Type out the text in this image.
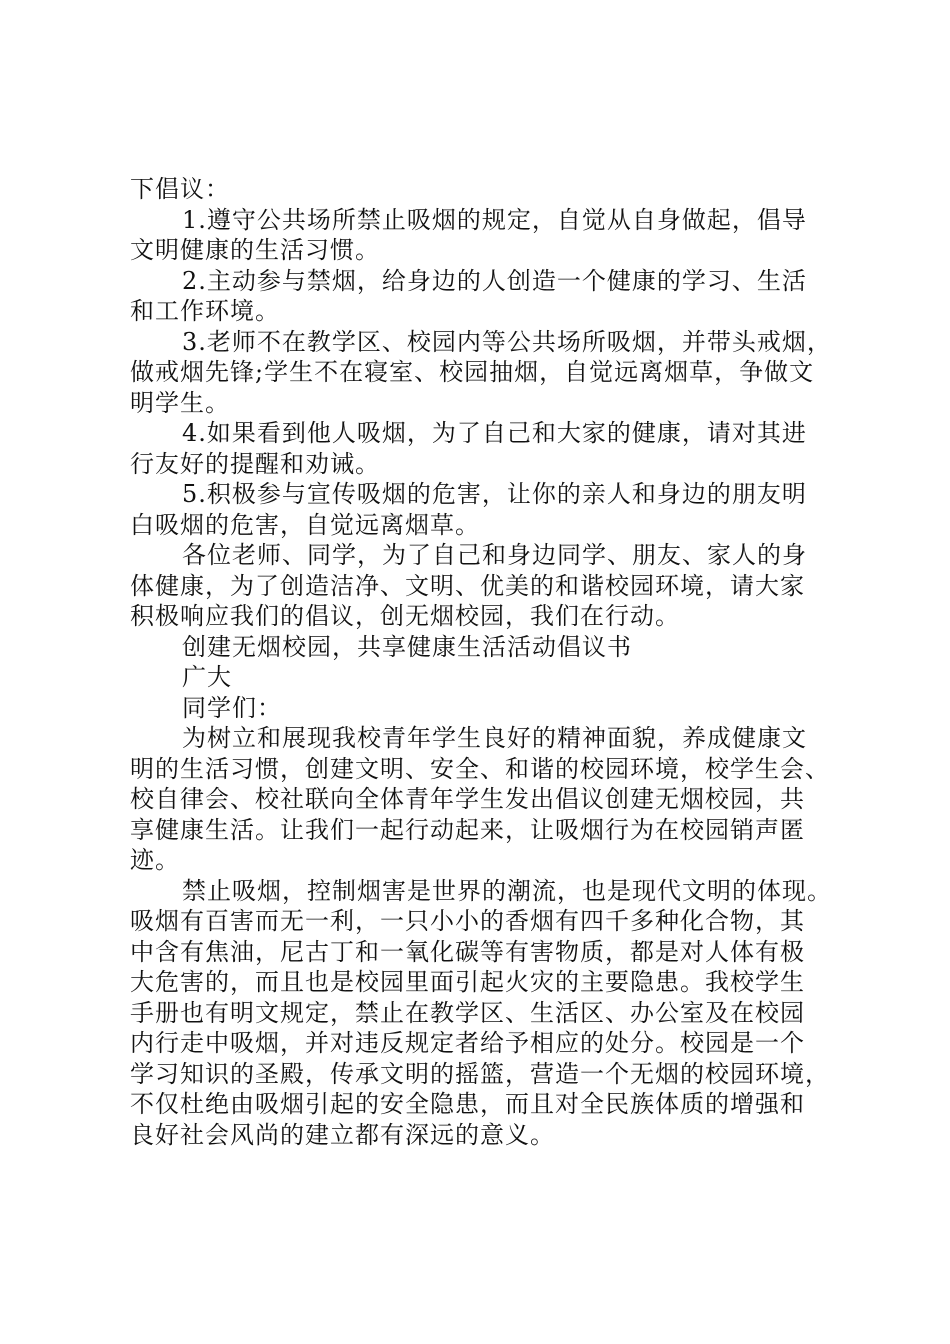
下倡议：
1.遵守公共场所禁止吸烟的规定，自觉从自身做起，倡导
文明健康的生活习惯。
2.主动参与禁烟，给身边的人创造一个健康的学习、生活
和工作环境。
3.老师不在教学区、校园内等公共场所吸烟，并带头戒烟，
做戒烟先锋;学生不在寝室、校园抽烟，自觉远离烟草，争做文
明学生。
4.如果看到他人吸烟，为了自己和大家的健康，请对其进
行友好的提醒和劝诫。
5.积极参与宣传吸烟的危害，让你的亲人和身边的朋友明
白吸烟的危害，自觉远离烟草。
各位老师、同学，为了自己和身边同学、朋友、家人的身
体健康，为了创造洁净、文明、优美的和谐校园环境，请大家
积极响应我们的倡议，创无烟校园，我们在行动。
创建无烟校园，共享健康生活活动倡议书
广大
同学们：
为树立和展现我校青年学生良好的精神面貌，养成健康文
明的生活习惯，创建文明、安全、和谐的校园环境，校学生会、
校自律会、校社联向全体青年学生发出倡议创建无烟校园，共
享健康生活。让我们一起行动起来，让吸烟行为在校园销声匿
迹。
禁止吸烟，控制烟害是世界的潮流，也是现代文明的体现。
吸烟有百害而无一利，一只小小的香烟有四千多种化合物，其
中含有焦油，尼古丁和一氧化碳等有害物质，都是对人体有极
大危害的，而且也是校园里面引起火灾的主要隐患。我校学生
手册也有明文规定，禁止在教学区、生活区、办公室及在校园
内行走中吸烟，并对违反规定者给予相应的处分。校园是一个
学习知识的圣殿，传承文明的摇篮，营造一个无烟的校园环境，
不仅杜绝由吸烟引起的安全隐患，而且对全民族体质的增强和
良好社会风尚的建立都有深远的意义。
